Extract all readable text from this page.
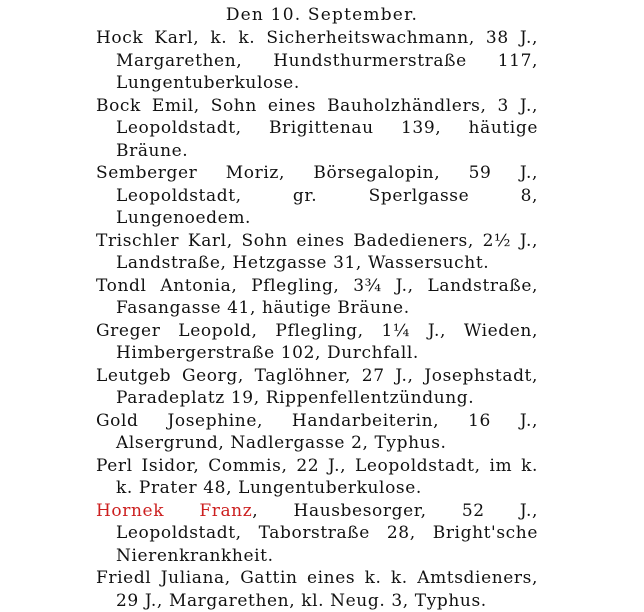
Den 10. September.

Hock Karl, k. k. Sicherheitswachmann, 38 J., Margarethen, Hundsthurmerstraße 117, Lungentuberkulose.

Bock Emil, Sohn eines Bauholzhändlers, 3 J., Leopoldstadt, Brigittenau 139, häutige Bräune.

Semberger Moriz, Börsegalopin, 59 J., Leopoldstadt, gr. Sperlgasse 8, Lungenoedem.

Trischler Karl, Sohn eines Badedieners, 2½ J., Landstraße, Hetzgasse 31, Wassersucht.

Tondl Antonia, Pflegling, 3¾ J., Landstraße, Fasangasse 41, häutige Bräune.

Greger Leopold, Pflegling, 1¼ J., Wieden, Himbergerstraße 102, Durchfall.

Leutgeb Georg, Taglöhner, 27 J., Josephstadt, Paradeplatz 19, Rippenfellentzündung.

Gold Josephine, Handarbeiterin, 16 J., Alsergrund, Nadlergasse 2, Typhus.

Perl Isidor, Commis, 22 J., Leopoldstadt, im k. k. Prater 48, Lungentuberkulose.

Hornek Franz, Hausbesorger, 52 J., Leopoldstadt, Taborstraße 28, Bright'sche Nierenkrankheit.

Friedl Juliana, Gattin eines k. k. Amtsdieners, 29 J., Margarethen, kl. Neug. 3, Typhus.
